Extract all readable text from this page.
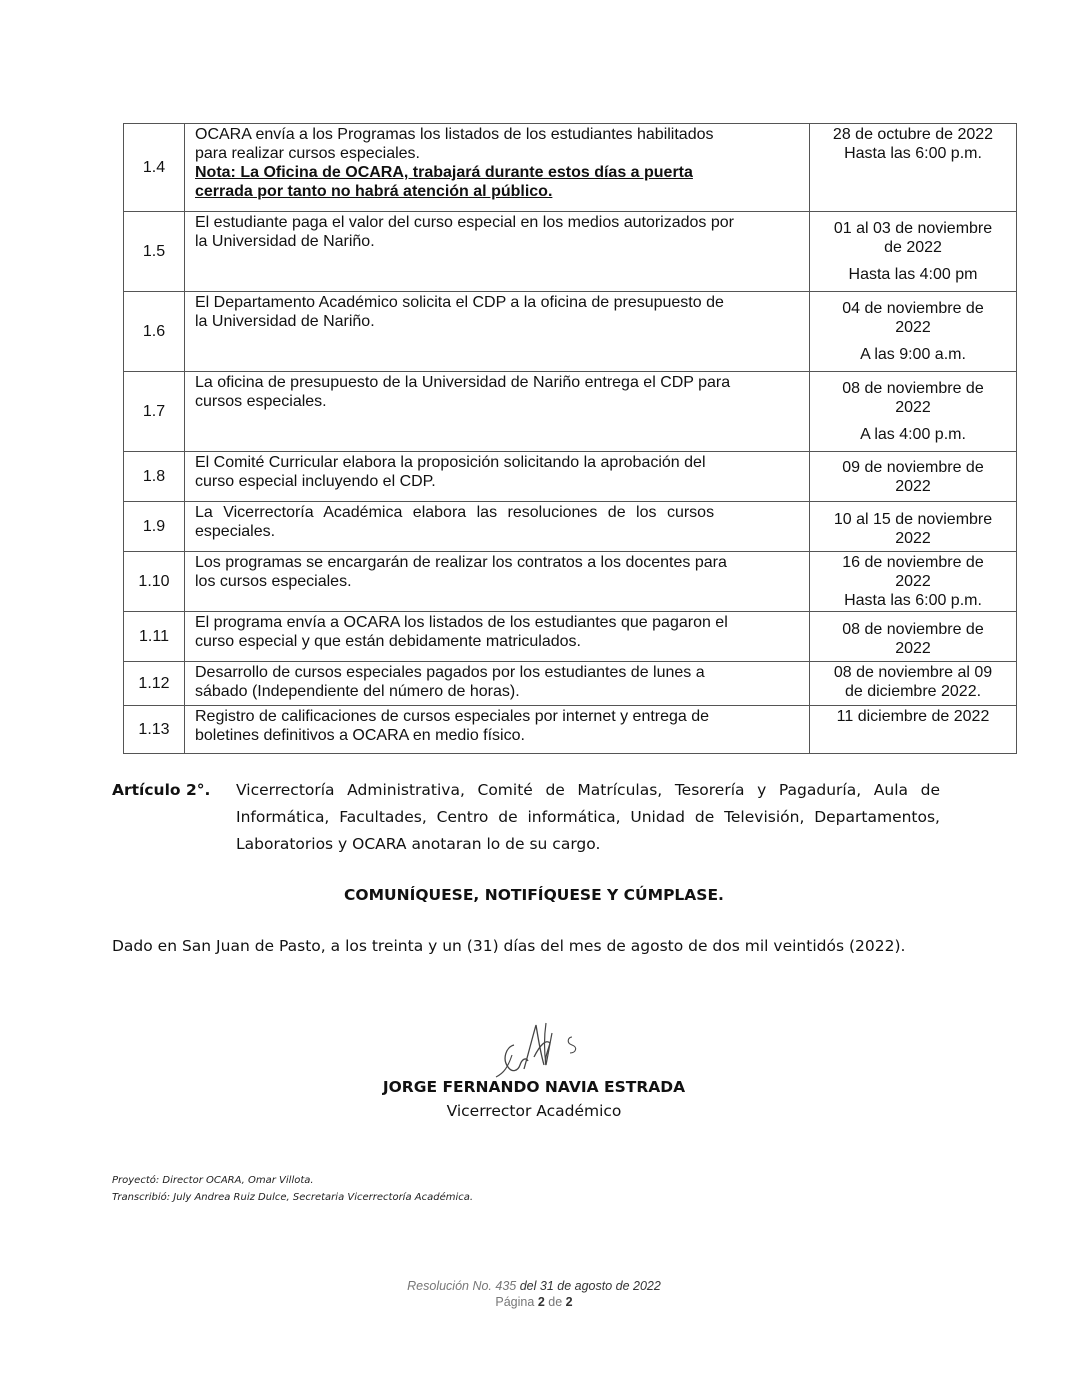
1.4	OCARA envía a los Programas los listados de los estudiantes habilitados
para realizar cursos especiales.
Nota: La Oficina de OCARA, trabajará durante estos días a puerta
cerrada por tanto no habrá atención al público.	28 de octubre de 2022
Hasta las 6:00 p.m.

1.5	El estudiante paga el valor del curso especial en los medios autorizados por
la Universidad de Nariño.	01 al 03 de noviembre
de 2022
Hasta las 4:00 pm

1.6	El Departamento Académico solicita el CDP a la oficina de presupuesto de
la Universidad de Nariño.	04 de noviembre de
2022
A las 9:00 a.m.

1.7	La oficina de presupuesto de la Universidad de Nariño entrega el CDP para
cursos especiales.	08 de noviembre de
2022
A las 4:00 p.m.

1.8	El Comité Curricular elabora la proposición solicitando la aprobación del
curso especial incluyendo el CDP.	09 de noviembre de
2022

1.9	La Vicerrectoría Académica elabora las resoluciones de los cursos
especiales.	10 al 15 de noviembre
2022

1.10	Los programas se encargarán de realizar los contratos a los docentes para
los cursos especiales.	16 de noviembre de
2022
Hasta las 6:00 p.m.

1.11	El programa envía a OCARA los listados de los estudiantes que pagaron el
curso especial y que están debidamente matriculados.	08 de noviembre de
2022

1.12	Desarrollo de cursos especiales pagados por los estudiantes de lunes a
sábado (Independiente del número de horas).	08 de noviembre al 09
de diciembre 2022.

1.13	Registro de calificaciones de cursos especiales por internet y entrega de
boletines definitivos a OCARA en medio físico.	11 diciembre de 2022
Artículo 2°. Vicerrectoría Administrativa, Comité de Matrículas, Tesorería y Pagaduría, Aula de Informática, Facultades, Centro de informática, Unidad de Televisión, Departamentos, Laboratorios y OCARA anotaran lo de su cargo.
COMUNÍQUESE, NOTIFÍQUESE Y CÚMPLASE.
Dado en San Juan de Pasto, a los treinta y un (31) días del mes de agosto de dos mil veintidós (2022).
JORGE FERNANDO NAVIA ESTRADA
Vicerrector Académico
Proyectó: Director OCARA, Omar Villota.
Transcribió: July Andrea Ruiz Dulce, Secretaria Vicerrectoría Académica.
Resolución No. 435 del 31 de agosto de 2022
Página 2 de 2
